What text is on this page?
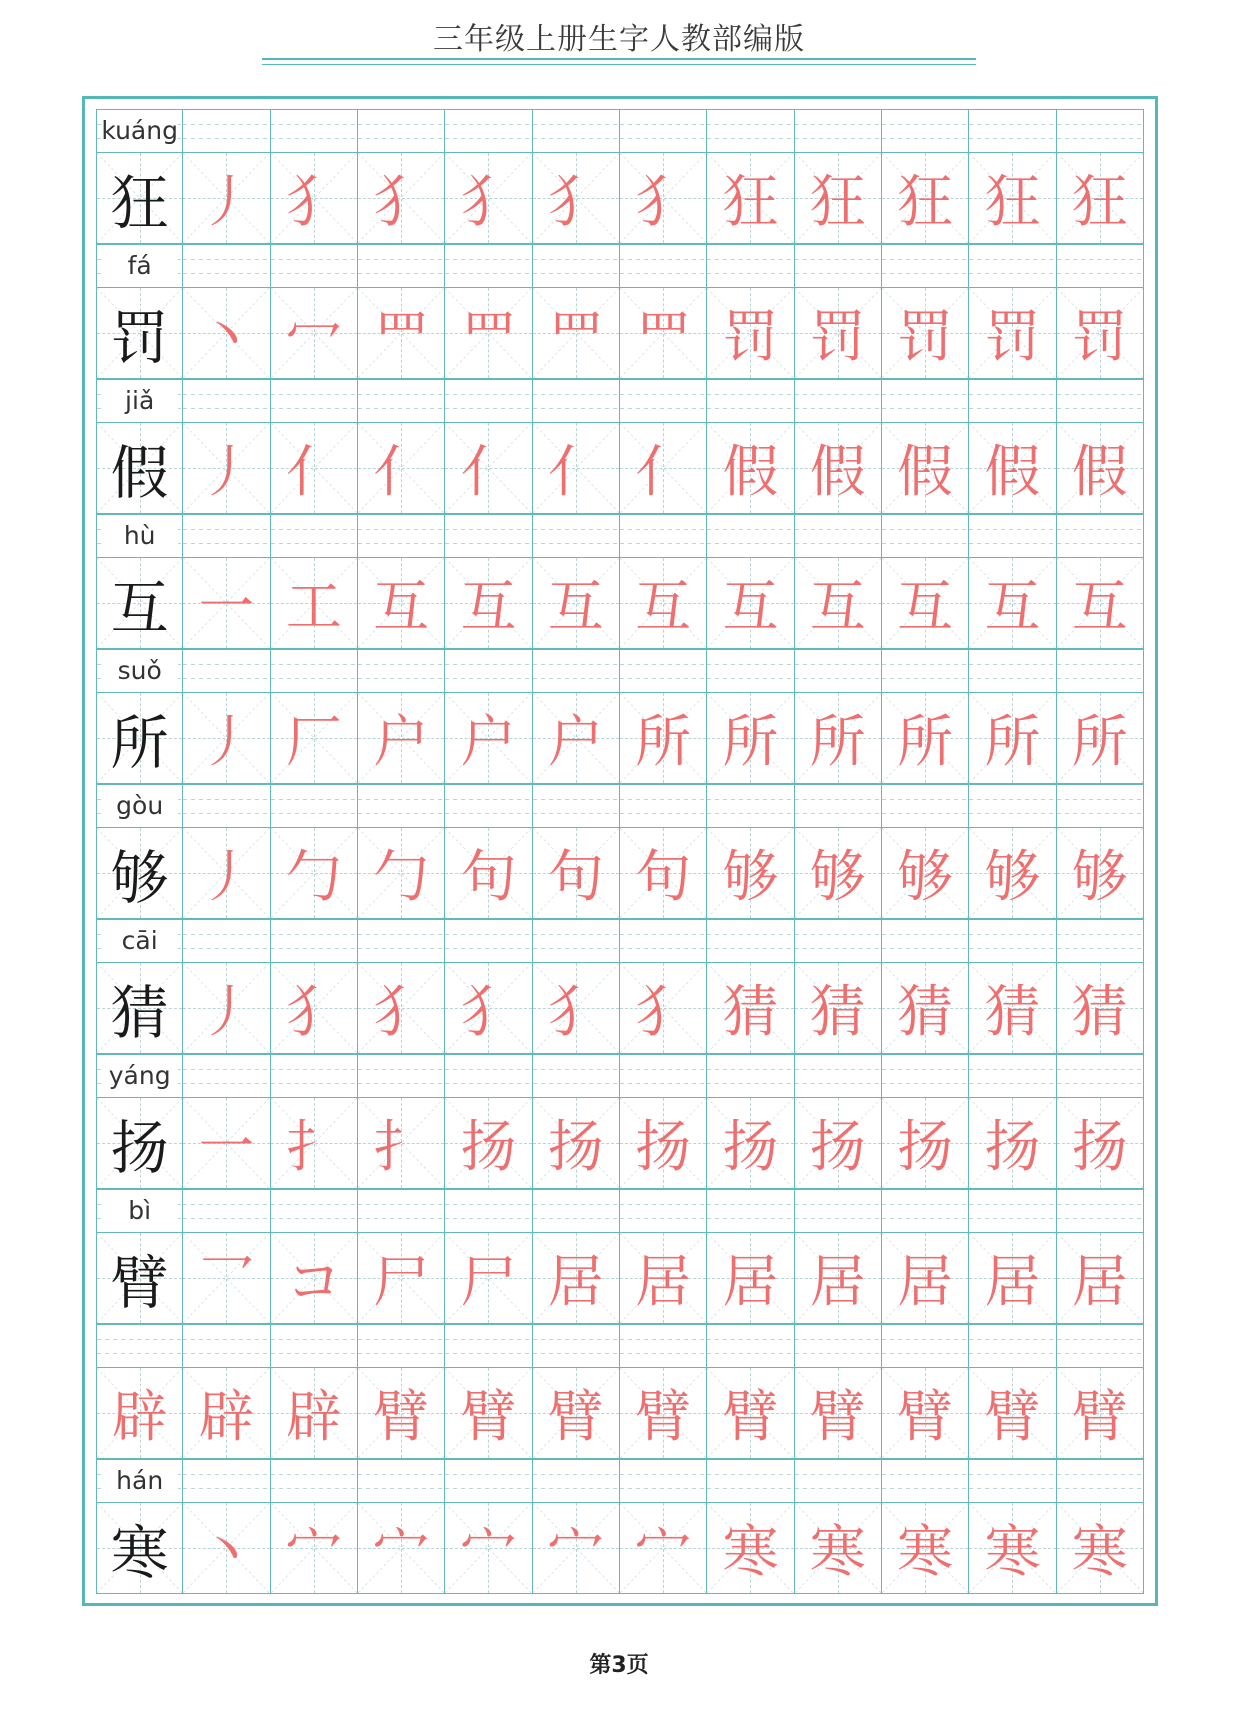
三年级上册生字人教部编版
kuáng
狂 丿 犭 犭 犭 犭 犭 狂 狂 狂 狂 狂
fá
罚 丶 冖 罒 罒 罒 罒 罚 罚 罚 罚 罚
jiǎ
假 丿 亻 亻 亻 亻 亻 假 假 假 假 假
hù
互 一 工 互 互 互 互 互 互 互 互 互
suǒ
所 丿 厂 户 户 户 所 所 所 所 所 所
gòu
够 丿 勹 勹 句 句 句 够 够 够 够 够
cāi
猜 丿 犭 犭 犭 犭 犭 猜 猜 猜 猜 猜
yáng
扬 一 扌 扌 扬 扬 扬 扬 扬 扬 扬 扬
bì
臂 乛 コ 尸 尸 居 居 居 居 居 居 居
辟 辟 辟 臂 臂 臂 臂 臂 臂 臂 臂 臂
hán
寒 丶 宀 宀 宀 宀 宀 寒 寒 寒 寒 寒
第3页
